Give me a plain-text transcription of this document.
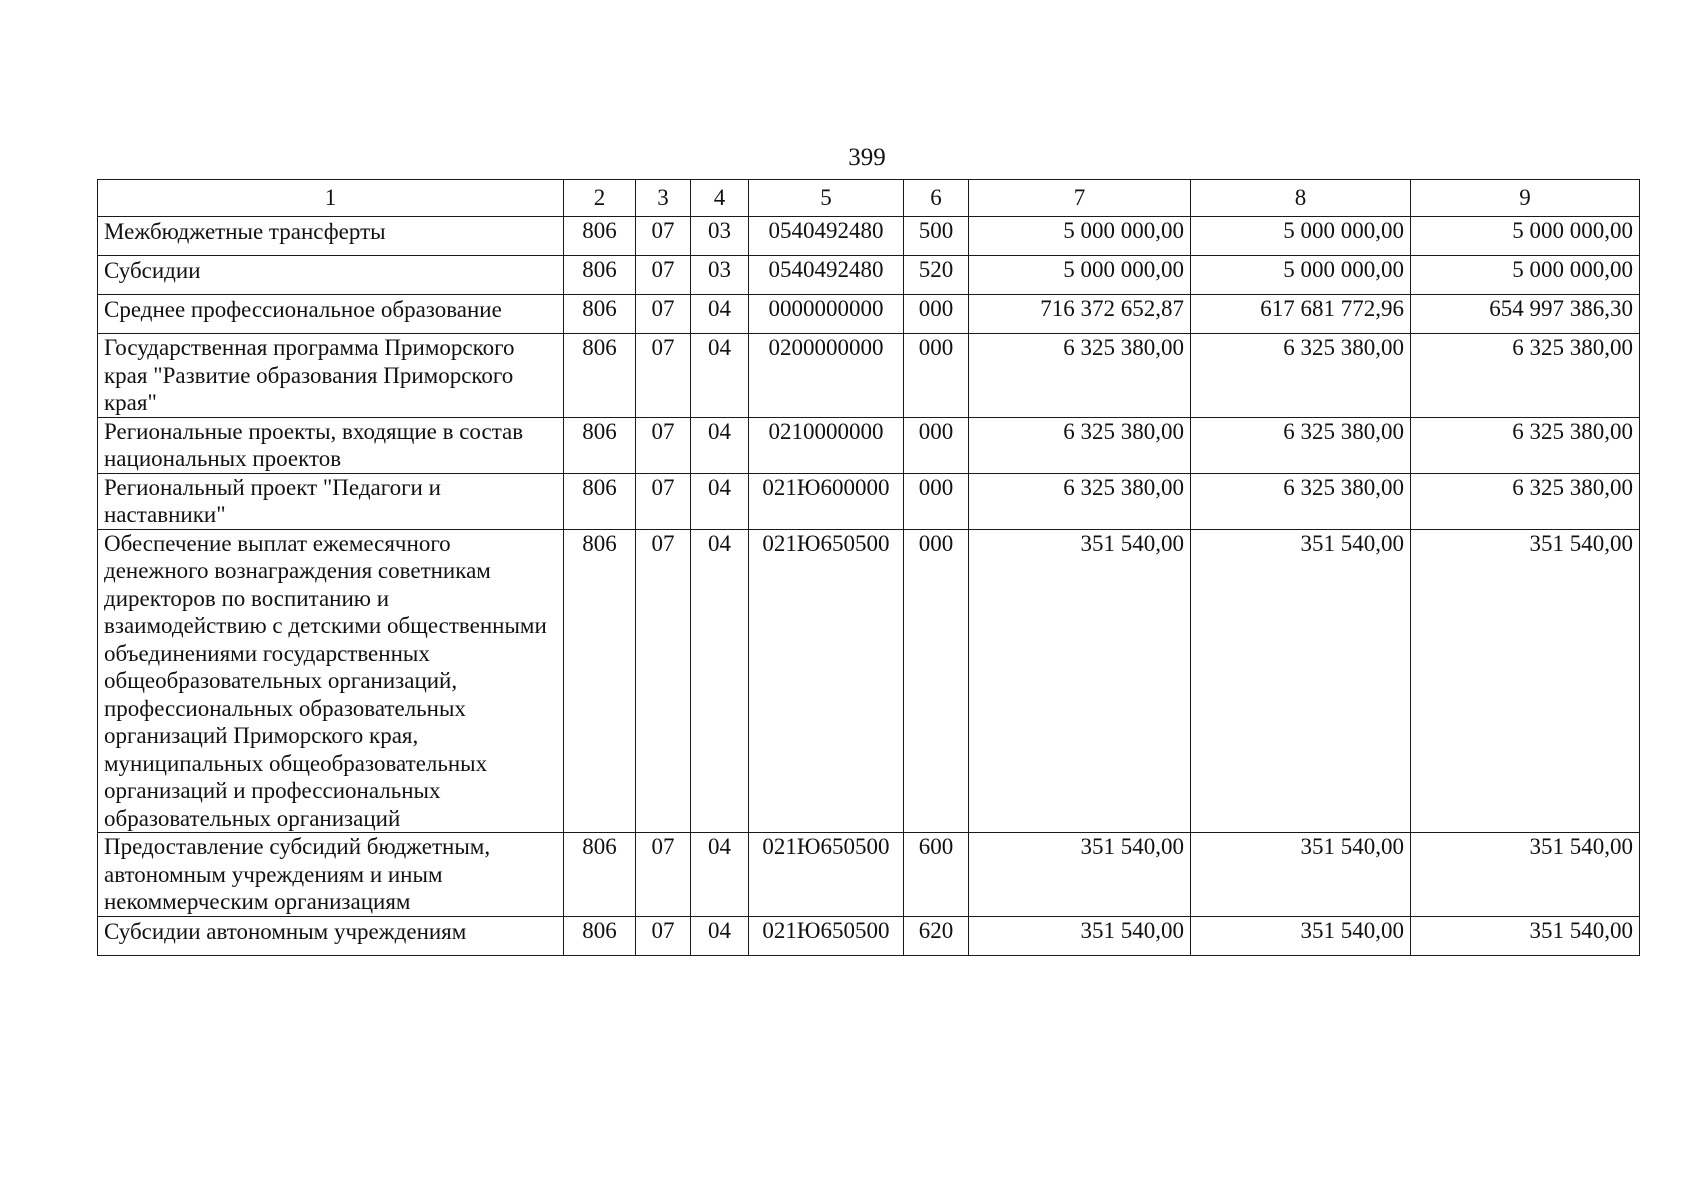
399
1	2	3	4	5	6	7	8	9
Межбюджетные трансферты	806	07	03	0540492480	500	5 000 000,00	5 000 000,00	5 000 000,00
Субсидии	806	07	03	0540492480	520	5 000 000,00	5 000 000,00	5 000 000,00
Среднее профессиональное образование	806	07	04	0000000000	000	716 372 652,87	617 681 772,96	654 997 386,30
Государственная программа Приморского края "Развитие образования Приморского края"	806	07	04	0200000000	000	6 325 380,00	6 325 380,00	6 325 380,00
Региональные проекты, входящие в состав национальных проектов	806	07	04	0210000000	000	6 325 380,00	6 325 380,00	6 325 380,00
Региональный проект "Педагоги и наставники"	806	07	04	021Ю600000	000	6 325 380,00	6 325 380,00	6 325 380,00
Обеспечение выплат ежемесячного денежного вознаграждения советникам директоров по воспитанию и взаимодействию с детскими общественными объединениями государственных общеобразовательных организаций, профессиональных образовательных организаций Приморского края, муниципальных общеобразовательных организаций и профессиональных образовательных организаций	806	07	04	021Ю650500	000	351 540,00	351 540,00	351 540,00
Предоставление субсидий бюджетным, автономным учреждениям и иным некоммерческим организациям	806	07	04	021Ю650500	600	351 540,00	351 540,00	351 540,00
Субсидии автономным учреждениям	806	07	04	021Ю650500	620	351 540,00	351 540,00	351 540,00
